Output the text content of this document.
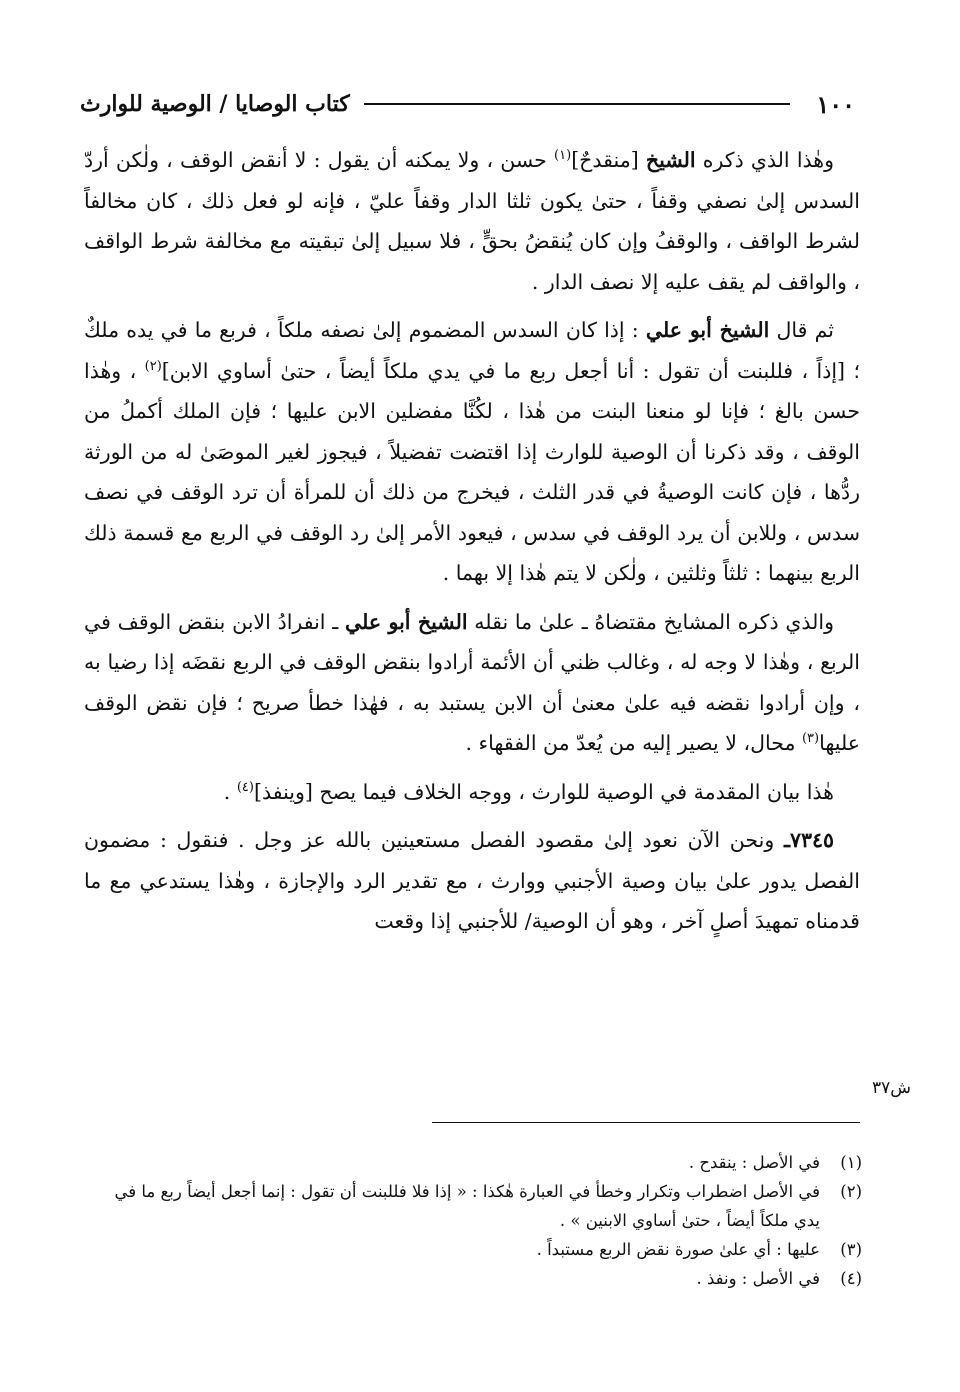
١٠٠
كتاب الوصايا / الوصية للوارث

وهٰذا الذي ذكره الشيخ [منقدحٌ]$^{(١)}$ حسن ، ولا يمكنه أن يقول : لا أنقض الوقف ، ولٰكن أردّ السدس إلىٰ نصفي وقفاً ، حتىٰ يكون ثلثا الدار وقفاً عليّ ، فإنه لو فعل ذلك ، كان مخالفاً لشرط الواقف ، والوقفُ وإن كان يُنقضُ بحقٍّ ، فلا سبيل إلىٰ تبقيته مع مخالفة شرط الواقف ، والواقف لم يقف عليه إلا نصف الدار .

ثم قال الشيخ أبو علي : إذا كان السدس المضموم إلىٰ نصفه ملكاً ، فربع ما في يده ملكٌ ؛ [إذاً ، فللبنت أن تقول : أنا أجعل ربع ما في يدي ملكاً أيضاً ، حتىٰ أساوي الابن]$^{(٢)}$ ، وهٰذا حسن بالغ ؛ فإنا لو منعنا البنت من هٰذا ، لكُنَّا مفضلين الابن عليها ؛ فإن الملك أكملُ من الوقف ، وقد ذكرنا أن الوصية للوارث إذا اقتضت تفضيلاً ، فيجوز لغير الموصَىٰ له من الورثة ردُّها ، فإن كانت الوصيةُ في قدر الثلث ، فيخرج من ذلك أن للمرأة أن ترد الوقف في نصف سدس ، وللابن أن يرد الوقف في سدس ، فيعود الأمر إلىٰ رد الوقف في الربع مع قسمة ذلك الربع بينهما : ثلثاً وثلثين ، ولٰكن لا يتم هٰذا إلا بهما .

والذي ذكره المشايخ مقتضاهُ ـ علىٰ ما نقله الشيخ أبو علي ـ انفرادُ الابن بنقض الوقف في الربع ، وهٰذا لا وجه له ، وغالب ظني أن الأئمة أرادوا بنقض الوقف في الربع نقضَه إذا رضيا به ، وإن أرادوا نقضه فيه علىٰ معنىٰ أن الابن يستبد به ، فهٰذا خطأ صريح ؛ فإن نقض الوقف عليها$^{(٣)}$ محال، لا يصير إليه من يُعدّ من الفقهاء .

هٰذا بيان المقدمة في الوصية للوارث ، ووجه الخلاف فيما يصح [وينفذ]$^{(٤)}$ .

٧٣٤٥ـ ونحن الآن نعود إلىٰ مقصود الفصل مستعينين بالله عز وجل . فنقول : مضمون الفصل يدور علىٰ بيان وصية الأجنبي ووارث ، مع تقدير الرد والإجازة ، وهٰذا يستدعي مع ما قدمناه تمهيدَ أصلٍ آخر ، وهو أن الوصية/ للأجنبي إذا وقعت

ش٣٧
(١)
في الأصل : ينقدح .
(٢)
في الأصل اضطراب وتكرار وخطأ في العبارة هٰكذا : « إذا فلا فللبنت أن تقول : إنما أجعل أيضاً ربع ما في يدي ملكاً أيضاً ، حتىٰ أساوي الابنين » .
(٣)
عليها : أي علىٰ صورة نقض الربع مستبداً .
(٤)
في الأصل : ونفذ .
